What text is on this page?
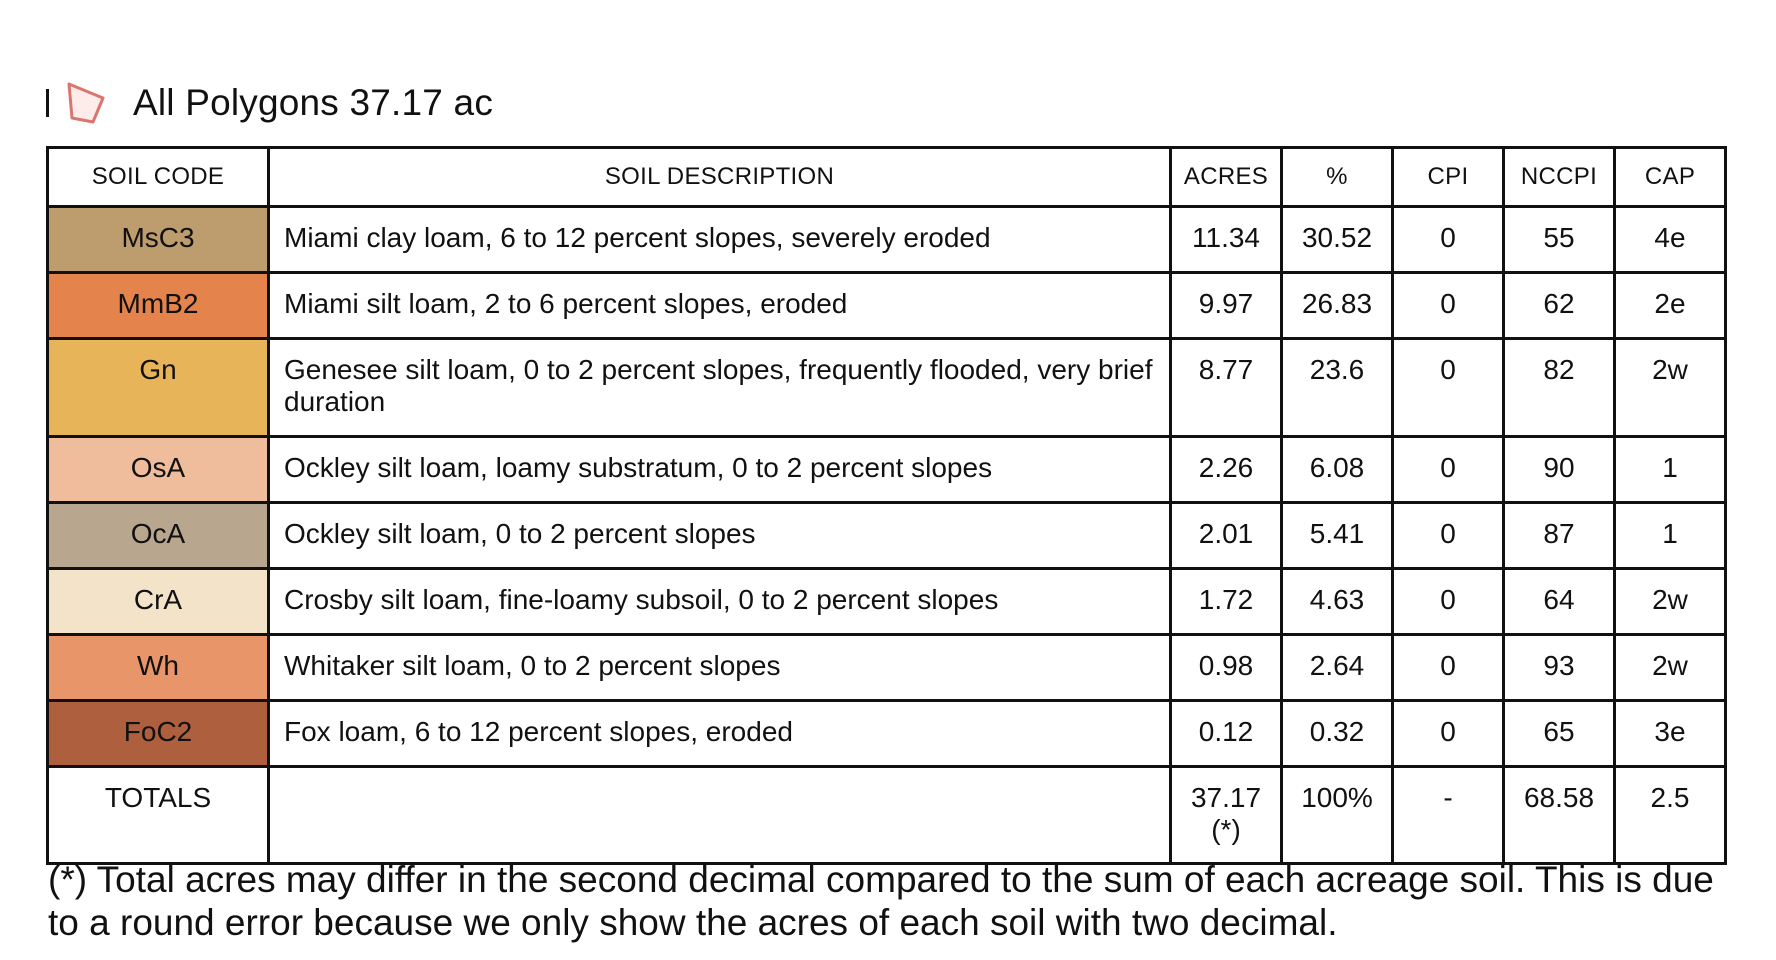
All Polygons 37.17 ac
SOIL CODE	SOIL DESCRIPTION	ACRES	%	CPI	NCCPI	CAP
MsC3	Miami clay loam, 6 to 12 percent slopes, severely eroded	11.34	30.52	0	55	4e
MmB2	Miami silt loam, 2 to 6 percent slopes, eroded	9.97	26.83	0	62	2e
Gn	Genesee silt loam, 0 to 2 percent slopes, frequently flooded, very brief duration	8.77	23.6	0	82	2w
OsA	Ockley silt loam, loamy substratum, 0 to 2 percent slopes	2.26	6.08	0	90	1
OcA	Ockley silt loam, 0 to 2 percent slopes	2.01	5.41	0	87	1
CrA	Crosby silt loam, fine-loamy subsoil, 0 to 2 percent slopes	1.72	4.63	0	64	2w
Wh	Whitaker silt loam, 0 to 2 percent slopes	0.98	2.64	0	93	2w
FoC2	Fox loam, 6 to 12 percent slopes, eroded	0.12	0.32	0	65	3e
TOTALS		37.17(*)	100%	-	68.58	2.5
(*) Total acres may differ in the second decimal compared to the sum of each acreage soil. This is due to a round error because we only show the acres of each soil with two decimal.
